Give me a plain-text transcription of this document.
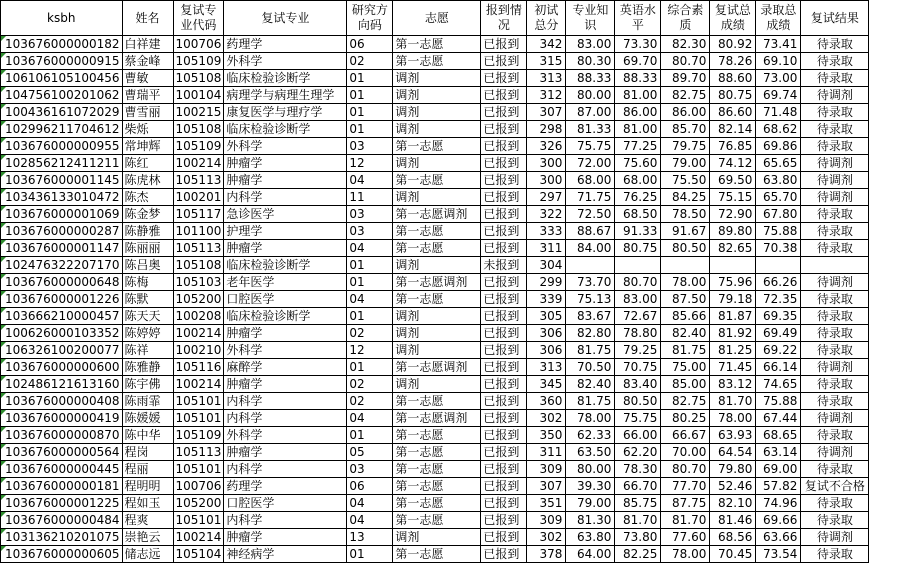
ksbh	姓名	复试专业代码	复试专业	研究方向码	志愿	报到情况	初试总分	专业知识	英语水平	综合素质	复试总成绩	录取总成绩	复试结果
103676000000182	白祥建	100706	药理学	06	第一志愿	已报到	342	83.00	73.30	82.30	80.92	73.41	待录取
103676000000915	蔡金峰	105109	外科学	02	第一志愿	已报到	315	80.30	69.70	80.70	78.26	69.10	待录取
106106105100456	曹敏	105108	临床检验诊断学	01	调剂	已报到	313	88.33	88.33	89.70	88.60	73.00	待录取
104756100201062	曹瑞平	100104	病理学与病理生理学	01	调剂	已报到	312	80.00	81.00	82.75	80.75	69.74	待调剂
100436161072029	曹雪丽	100215	康复医学与理疗学	01	调剂	已报到	307	87.00	86.00	86.00	86.60	71.48	待录取
102996211704612	柴烁	105108	临床检验诊断学	01	调剂	已报到	298	81.33	81.00	85.70	82.14	68.62	待录取
103676000000955	常坤辉	105109	外科学	03	第一志愿	已报到	326	75.75	77.25	79.75	76.85	69.86	待录取
102856212411211	陈红	100214	肿瘤学	12	调剂	已报到	300	72.00	75.60	79.00	74.12	65.65	待调剂
103676000001145	陈虎林	105113	肿瘤学	04	第一志愿	已报到	300	68.00	68.00	75.50	69.50	63.80	待调剂
103436133010472	陈杰	100201	内科学	11	调剂	已报到	297	71.75	76.25	84.25	75.15	65.70	待调剂
103676000001069	陈金梦	105117	急诊医学	03	第一志愿调剂	已报到	322	72.50	68.50	78.50	72.90	67.80	待录取
103676000000287	陈静雅	101100	护理学	03	第一志愿	已报到	333	88.67	91.33	91.67	89.80	75.88	待录取
103676000001147	陈丽丽	105113	肿瘤学	04	第一志愿	已报到	311	84.00	80.75	80.50	82.65	70.38	待录取
102476322207170	陈吕奥	105108	临床检验诊断学	01	调剂	未报到	304						
103676000000648	陈梅	105103	老年医学	01	第一志愿调剂	已报到	299	73.70	80.70	78.00	75.96	66.26	待调剂
103676000001226	陈默	105200	口腔医学	04	第一志愿	已报到	339	75.13	83.00	87.50	79.18	72.35	待录取
103666210000457	陈天天	100208	临床检验诊断学	01	调剂	已报到	305	83.67	72.67	85.66	81.87	69.35	待录取
100626000103352	陈婷婷	100214	肿瘤学	02	调剂	已报到	306	82.80	78.80	82.40	81.92	69.49	待录取
106326100200077	陈祥	100210	外科学	12	调剂	已报到	306	81.75	79.25	81.75	81.25	69.22	待录取
103676000000600	陈雅静	105116	麻醉学	01	第一志愿调剂	已报到	313	70.50	70.75	75.00	71.45	66.14	待调剂
102486121613160	陈宇佛	100214	肿瘤学	02	调剂	已报到	345	82.40	83.40	85.00	83.12	74.65	待录取
103676000000408	陈雨霏	105101	内科学	02	第一志愿	已报到	360	81.75	80.50	82.75	81.70	75.88	待录取
103676000000419	陈媛媛	105101	内科学	04	第一志愿调剂	已报到	302	78.00	75.75	80.25	78.00	67.44	待调剂
103676000000870	陈中华	105109	外科学	01	第一志愿	已报到	350	62.33	66.00	66.67	63.93	68.65	待录取
103676000000564	程岗	105113	肿瘤学	05	第一志愿	已报到	311	63.50	62.20	70.00	64.54	63.14	待调剂
103676000000445	程丽	105101	内科学	03	第一志愿	已报到	309	80.00	78.30	80.70	79.80	69.00	待录取
103676000000181	程明明	100706	药理学	06	第一志愿	已报到	307	39.30	66.70	77.70	52.46	57.82	复试不合格
103676000001225	程如玉	105200	口腔医学	04	第一志愿	已报到	351	79.00	85.75	87.75	82.10	74.96	待录取
103676000000484	程爽	105101	内科学	04	第一志愿	已报到	309	81.30	81.70	81.70	81.46	69.66	待录取
103136210201075	崇艳云	100214	肿瘤学	13	调剂	已报到	302	63.80	73.80	77.60	68.56	63.66	待调剂
103676000000605	储志远	105104	神经病学	01	第一志愿	已报到	378	64.00	82.25	78.00	70.45	73.54	待录取
